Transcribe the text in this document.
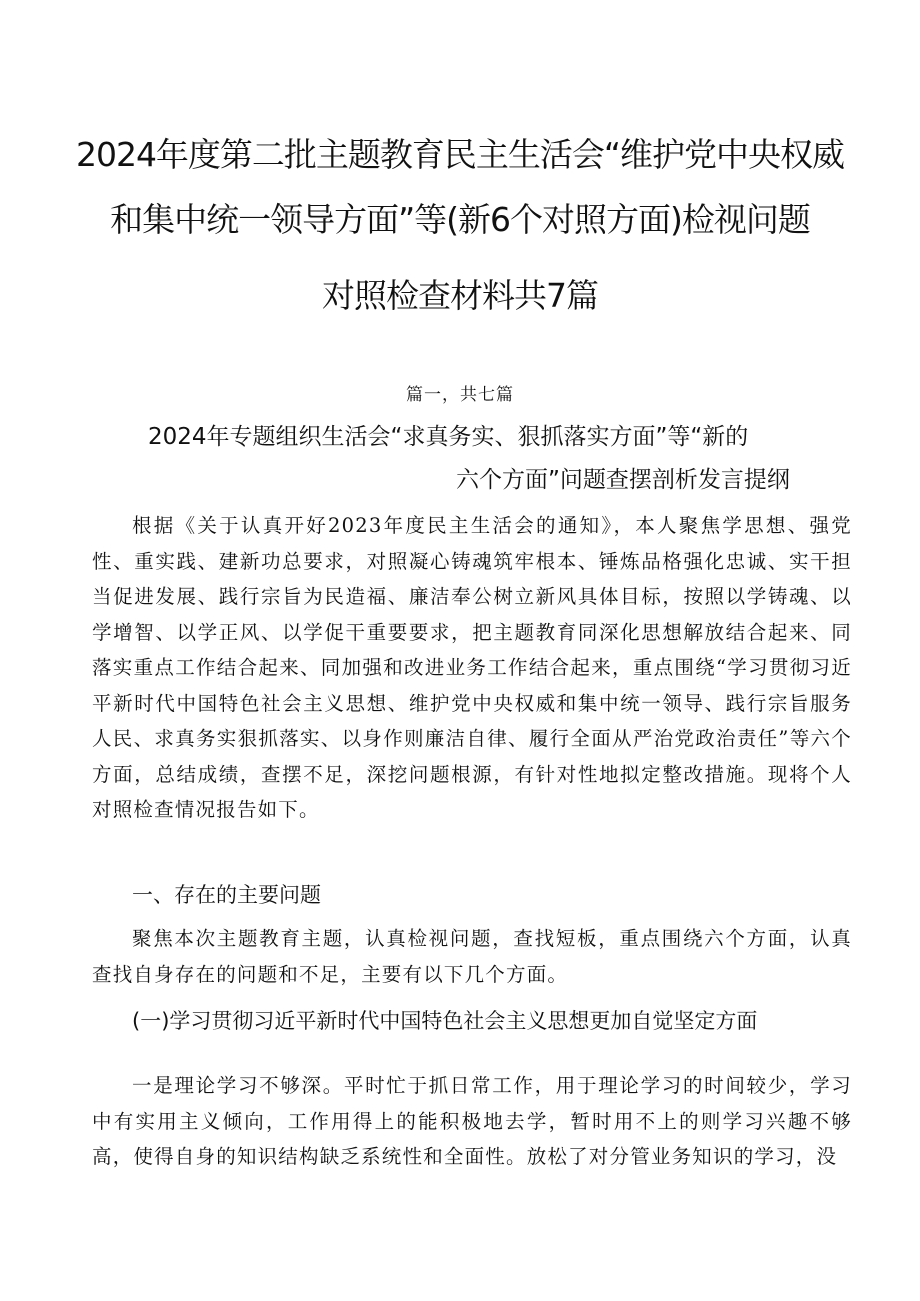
2024年度第二批主题教育民主生活会“维护党中央权威
和集中统一领导方面”等(新6个对照方面)检视问题
对照检查材料共7篇
篇一，共七篇
2024年专题组织生活会“求真务实、狠抓落实方面”等“新的
六个方面”问题查摆剖析发言提纲
根据《关于认真开好2023年度民主生活会的通知》，本人聚焦学思想、强党性、重实践、建新功总要求，对照凝心铸魂筑牢根本、锤炼品格强化忠诚、实干担当促进发展、践行宗旨为民造福、廉洁奉公树立新风具体目标，按照以学铸魂、以学增智、以学正风、以学促干重要要求，把主题教育同深化思想解放结合起来、同落实重点工作结合起来、同加强和改进业务工作结合起来，重点围绕“学习贯彻习近平新时代中国特色社会主义思想、维护党中央权威和集中统一领导、践行宗旨服务人民、求真务实狠抓落实、以身作则廉洁自律、履行全面从严治党政治责任”等六个方面，总结成绩，查摆不足，深挖问题根源，有针对性地拟定整改措施。现将个人对照检查情况报告如下。
一、存在的主要问题
聚焦本次主题教育主题，认真检视问题，查找短板，重点围绕六个方面，认真查找自身存在的问题和不足，主要有以下几个方面。
(一)学习贯彻习近平新时代中国特色社会主义思想更加自觉坚定方面
一是理论学习不够深。平时忙于抓日常工作，用于理论学习的时间较少，学习中有实用主义倾向，工作用得上的能积极地去学，暂时用不上的则学习兴趣不够高，使得自身的知识结构缺乏系统性和全面性。放松了对分管业务知识的学习，没
